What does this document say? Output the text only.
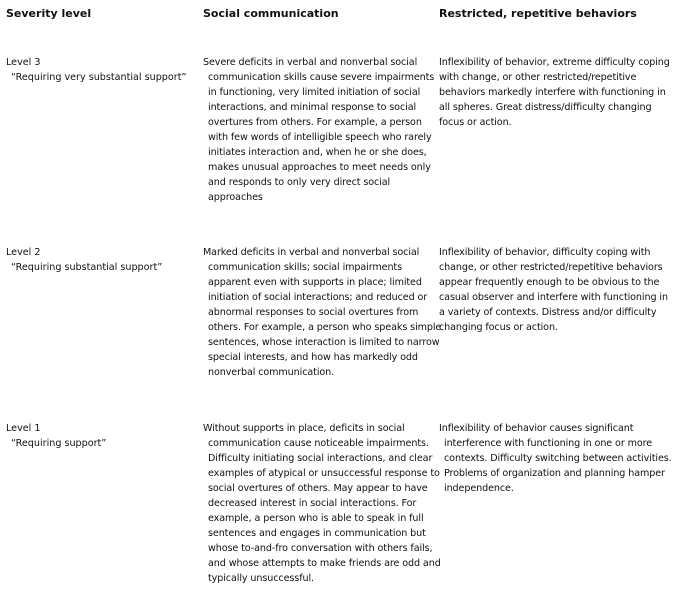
Severity level	Social communication	Restricted, repetitive behaviors
Level 3
“Requiring very substantial support”
Severe deficits in verbal and nonverbal social communication skills cause severe impairments in functioning, very limited initiation of social interactions, and minimal response to social overtures from others. For example, a person with few words of intelligible speech who rarely initiates interaction and, when he or she does, makes unusual approaches to meet needs only and responds to only very direct social approaches
Inflexibility of behavior, extreme difficulty coping with change, or other restricted/repetitive behaviors markedly interfere with functioning in all spheres. Great distress/difficulty changing focus or action.
Level 2
“Requiring substantial support”
Marked deficits in verbal and nonverbal social communication skills; social impairments apparent even with supports in place; limited initiation of social interactions; and reduced or abnormal responses to social overtures from others. For example, a person who speaks simple sentences, whose interaction is limited to narrow special interests, and how has markedly odd nonverbal communication.
Inflexibility of behavior, difficulty coping with change, or other restricted/repetitive behaviors appear frequently enough to be obvious to the casual observer and interfere with functioning in a variety of contexts. Distress and/or difficulty changing focus or action.
Level 1
“Requiring support”
Without supports in place, deficits in social communication cause noticeable impairments. Difficulty initiating social interactions, and clear examples of atypical or unsuccessful response to social overtures of others. May appear to have decreased interest in social interactions. For example, a person who is able to speak in full sentences and engages in communication but whose to-and-fro conversation with others fails, and whose attempts to make friends are odd and typically unsuccessful.
Inflexibility of behavior causes significant interference with functioning in one or more contexts. Difficulty switching between activities. Problems of organization and planning hamper independence.
